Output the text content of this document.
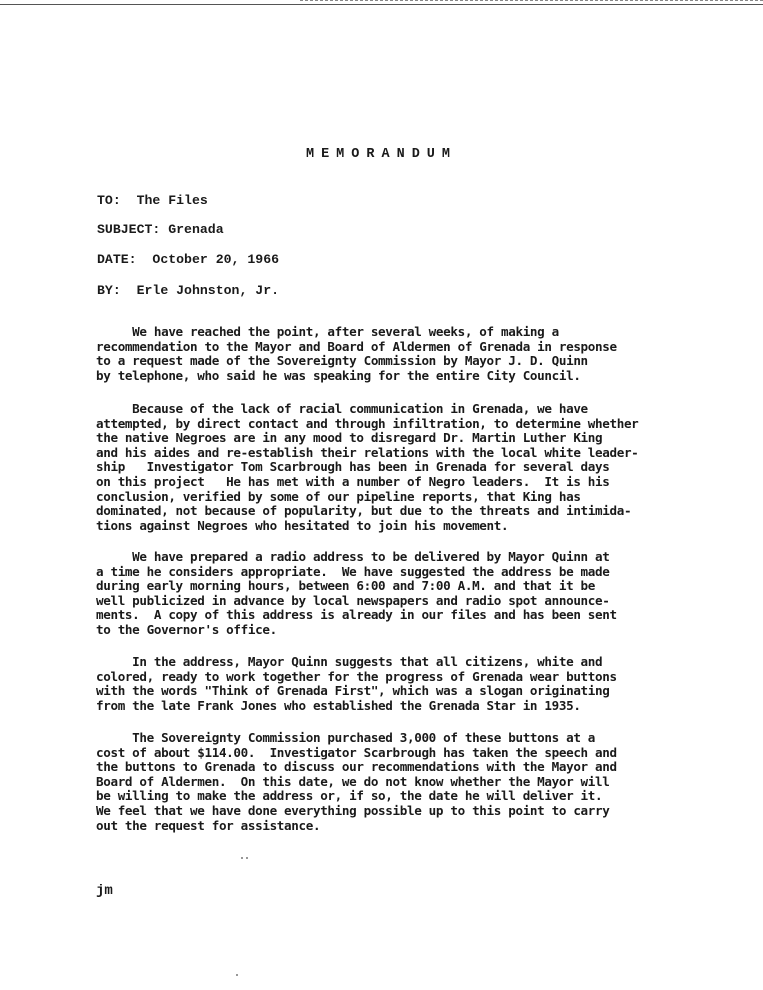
MEMORANDUM
TO: The Files
SUBJECT: Grenada
DATE: October 20, 1966
BY: Erle Johnston, Jr.
We have reached the point, after several weeks, of making a
recommendation to the Mayor and Board of Aldermen of Grenada in response
to a request made of the Sovereignty Commission by Mayor J. D. Quinn
by telephone, who said he was speaking for the entire City Council.
Because of the lack of racial communication in Grenada, we have
attempted, by direct contact and through infiltration, to determine whether
the native Negroes are in any mood to disregard Dr. Martin Luther King
and his aides and re-establish their relations with the local white leader-
ship   Investigator Tom Scarbrough has been in Grenada for several days
on this project   He has met with a number of Negro leaders.  It is his
conclusion, verified by some of our pipeline reports, that King has
dominated, not because of popularity, but due to the threats and intimida-
tions against Negroes who hesitated to join his movement.
We have prepared a radio address to be delivered by Mayor Quinn at
a time he considers appropriate.  We have suggested the address be made
during early morning hours, between 6:00 and 7:00 A.M. and that it be
well publicized in advance by local newspapers and radio spot announce-
ments.  A copy of this address is already in our files and has been sent
to the Governor's office.
In the address, Mayor Quinn suggests that all citizens, white and
colored, ready to work together for the progress of Grenada wear buttons
with the words "Think of Grenada First", which was a slogan originating
from the late Frank Jones who established the Grenada Star in 1935.
The Sovereignty Commission purchased 3,000 of these buttons at a
cost of about $114.00.  Investigator Scarbrough has taken the speech and
the buttons to Grenada to discuss our recommendations with the Mayor and
Board of Aldermen.  On this date, we do not know whether the Mayor will
be willing to make the address or, if so, the date he will deliver it.
We feel that we have done everything possible up to this point to carry
out the request for assistance.
jm
